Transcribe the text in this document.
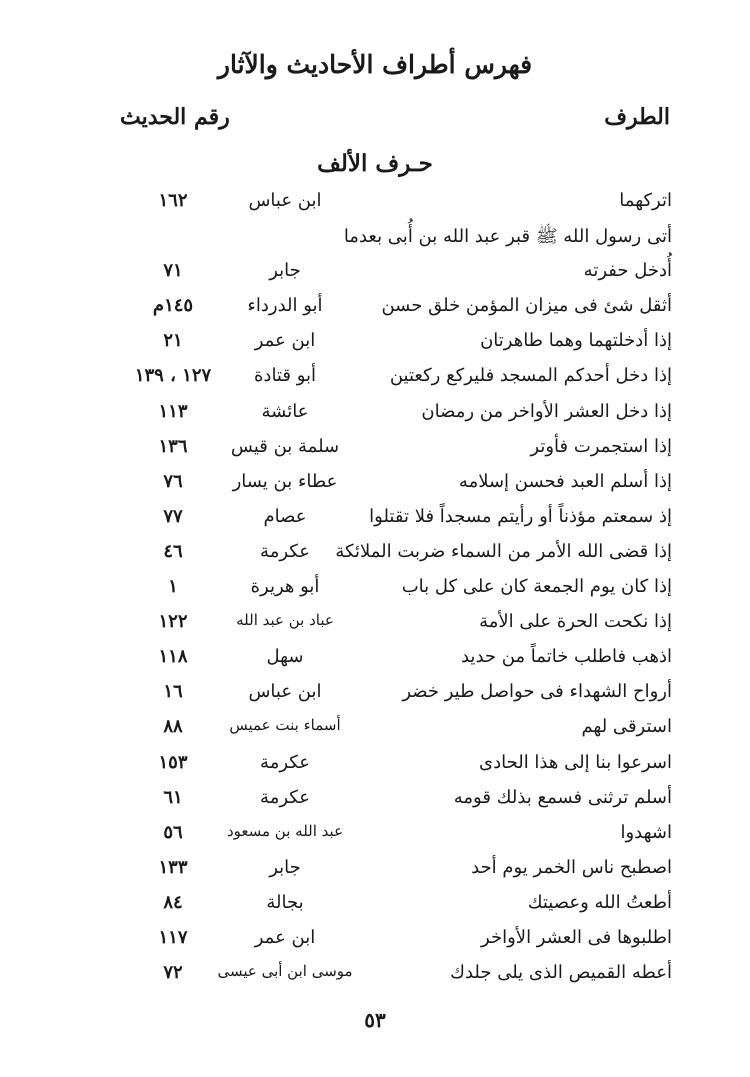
فهرس أطراف الأحاديث والآثار
الطرف
رقم الحديث
حـرف الألف
اتركهما
ابن عباس
١٦٢
أتى رسول الله ﷺ قبر عبد الله بن أُبى بعدما
أُدخل حفرته
جابر
٧١
أثقل شئ فى ميزان المؤمن خلق حسن
أبو الدرداء
١٤٥م
إذا أدخلتهما وهما طاهرتان
ابن عمر
٢١
إذا دخل أحدكم المسجد فليركع ركعتين
أبو قتادة
١٢٧ ، ١٣٩
إذا دخل العشر الأواخر من رمضان
عائشة
١١٣
إذا استجمرت فأوتر
سلمة بن قيس
١٣٦
إذا أسلم العبد فحسن إسلامه
عطاء بن يسار
٧٦
إذ سمعتم مؤذناً أو رأيتم مسجداً فلا تقتلوا
عصام
٧٧
إذا قضى الله الأمر من السماء ضربت الملائكة
عكرمة
٤٦
إذا كان يوم الجمعة كان على كل باب
أبو هريرة
١
إذا نكحت الحرة على الأمة
عباد بن عبد الله
١٢٢
اذهب فاطلب خاتماً من حديد
سهل
١١٨
أرواح الشهداء فى حواصل طير خضر
ابن عباس
١٦
استرقى لهم
أسماء بنت عميس
٨٨
اسرعوا بنا إلى هذا الحادى
عكرمة
١٥٣
أسلم ترثنى فسمع بذلك قومه
عكرمة
٦١
اشهدوا
عبد الله بن مسعود
٥٦
اصطبح ناس الخمر يوم أحد
جابر
١٣٣
أطعتُ الله وعصيتك
بجالة
٨٤
اطلبوها فى العشر الأواخر
ابن عمر
١١٧
أعطه القميص الذى يلى جلدك
موسى ابن أبى عيسى
٧٢
٥٣
